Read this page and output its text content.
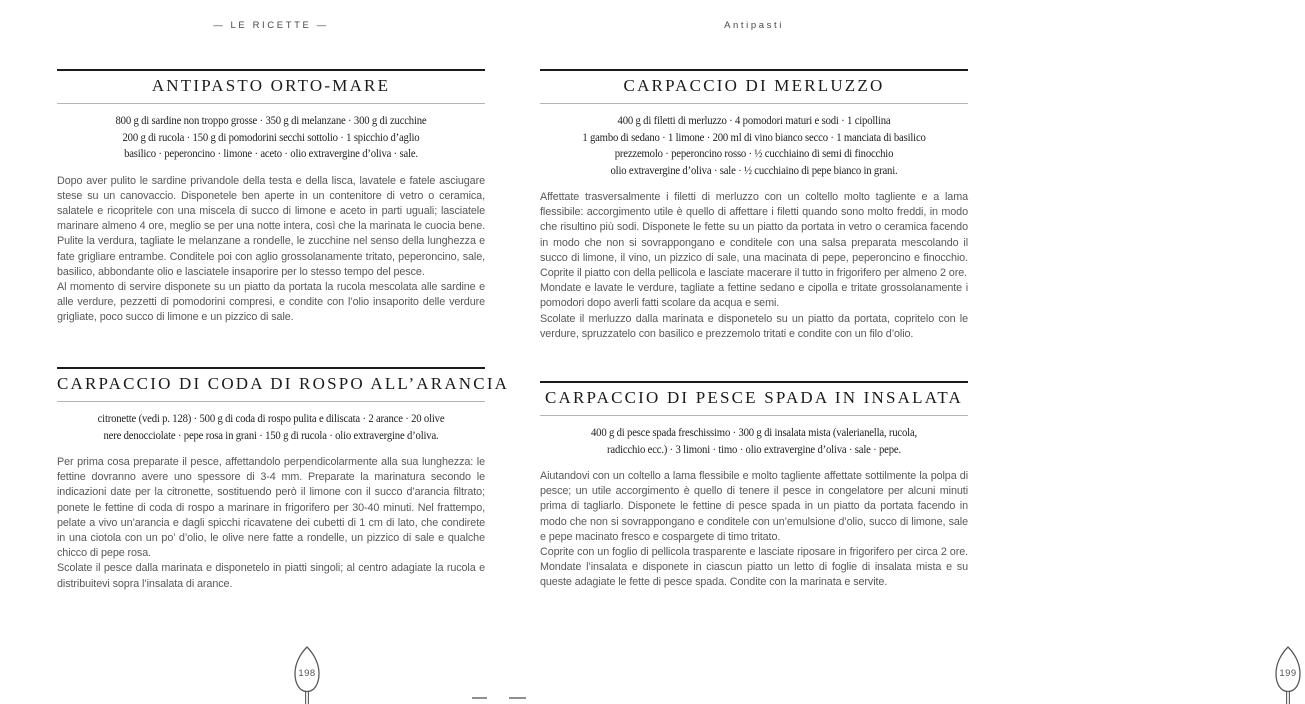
— LE RICETTE —
ANTIPASTO ORTO-MARE
800 g di sardine non troppo grosse · 350 g di melanzane · 300 g di zucchine
200 g di rucola · 150 g di pomodorini secchi sottolio · 1 spicchio d’aglio
basilico · peperoncino · limone · aceto · olio extravergine d’oliva · sale.

Dopo aver pulito le sardine privandole della testa e della lisca, lavatele e fatele asciugare stese su un canovaccio. Disponetele ben aperte in un contenitore di vetro o ceramica, salatele e ricopritele con una miscela di succo di limone e aceto in parti uguali; lasciatele marinare almeno 4 ore, meglio se per una notte intera, così che la marinata le cuocia bene. Pulite la verdura, tagliate le melanzane a rondelle, le zucchine nel senso della lunghezza e fate grigliare entrambe. Conditele poi con aglio grossolanamente tritato, peperoncino, sale, basilico, abbondante olio e lasciatele insaporire per lo stesso tempo del pesce.

Al momento di servire disponete su un piatto da portata la rucola mescolata alle sardine e alle verdure, pezzetti di pomodorini compresi, e condite con l’olio insaporito delle verdure grigliate, poco succo di limone e un pizzico di sale.

CARPACCIO DI CODA DI ROSPO ALL’ARANCIA
citronette (vedi p. 128) · 500 g di coda di rospo pulita e diliscata · 2 arance · 20 olive
nere denocciolate · pepe rosa in grani · 150 g di rucola · olio extravergine d’oliva.

Per prima cosa preparate il pesce, affettandolo perpendicolarmente alla sua lunghezza: le fettine dovranno avere uno spessore di 3-4 mm. Preparate la marinatura secondo le indicazioni date per la citronette, sostituendo però il limone con il succo d’arancia filtrato; ponete le fettine di coda di rospo a marinare in frigorifero per 30-40 minuti. Nel frattempo, pelate a vivo un’arancia e dagli spicchi ricavatene dei cubetti di 1 cm di lato, che condirete in una ciotola con un po’ d’olio, le olive nere fatte a rondelle, un pizzico di sale e qualche chicco di pepe rosa.

Scolate il pesce dalla marinata e disponetelo in piatti singoli; al centro adagiate la rucola e distribuitevi sopra l’insalata di arance.

198
Antipasti
CARPACCIO DI MERLUZZO
400 g di filetti di merluzzo · 4 pomodori maturi e sodi · 1 cipollina
1 gambo di sedano · 1 limone · 200 ml di vino bianco secco · 1 manciata di basilico
prezzemolo · peperoncino rosso · ½ cucchiaino di semi di finocchio
olio extravergine d’oliva · sale · ½ cucchiaino di pepe bianco in grani.

Affettate trasversalmente i filetti di merluzzo con un coltello molto tagliente e a lama flessibile: accorgimento utile è quello di affettare i filetti quando sono molto freddi, in modo che risultino più sodi. Disponete le fette su un piatto da portata in vetro o ceramica facendo in modo che non si sovrappongano e conditele con una salsa preparata mescolando il succo di limone, il vino, un pizzico di sale, una macinata di pepe, peperoncino e finocchio. Coprite il piatto con della pellicola e lasciate macerare il tutto in frigorifero per almeno 2 ore.

Mondate e lavate le verdure, tagliate a fettine sedano e cipolla e tritate grossolanamente i pomodori dopo averli fatti scolare da acqua e semi.

Scolate il merluzzo dalla marinata e disponetelo su un piatto da portata, copritelo con le verdure, spruzzatelo con basilico e prezzemolo tritati e condite con un filo d’olio.

CARPACCIO DI PESCE SPADA IN INSALATA
400 g di pesce spada freschissimo · 300 g di insalata mista (valerianella, rucola,
radicchio ecc.) · 3 limoni · timo · olio extravergine d’oliva · sale · pepe.

Aiutandovi con un coltello a lama flessibile e molto tagliente affettate sottilmente la polpa di pesce; un utile accorgimento è quello di tenere il pesce in congelatore per alcuni minuti prima di tagliarlo. Disponete le fettine di pesce spada in un piatto da portata facendo in modo che non si sovrappongano e conditele con un’emulsione d’olio, succo di limone, sale e pepe macinato fresco e cospargete di timo tritato.

Coprite con un foglio di pellicola trasparente e lasciate riposare in frigorifero per circa 2 ore. Mondate l’insalata e disponete in ciascun piatto un letto di foglie di insalata mista e su queste adagiate le fette di pesce spada. Condite con la marinata e servite.

199
